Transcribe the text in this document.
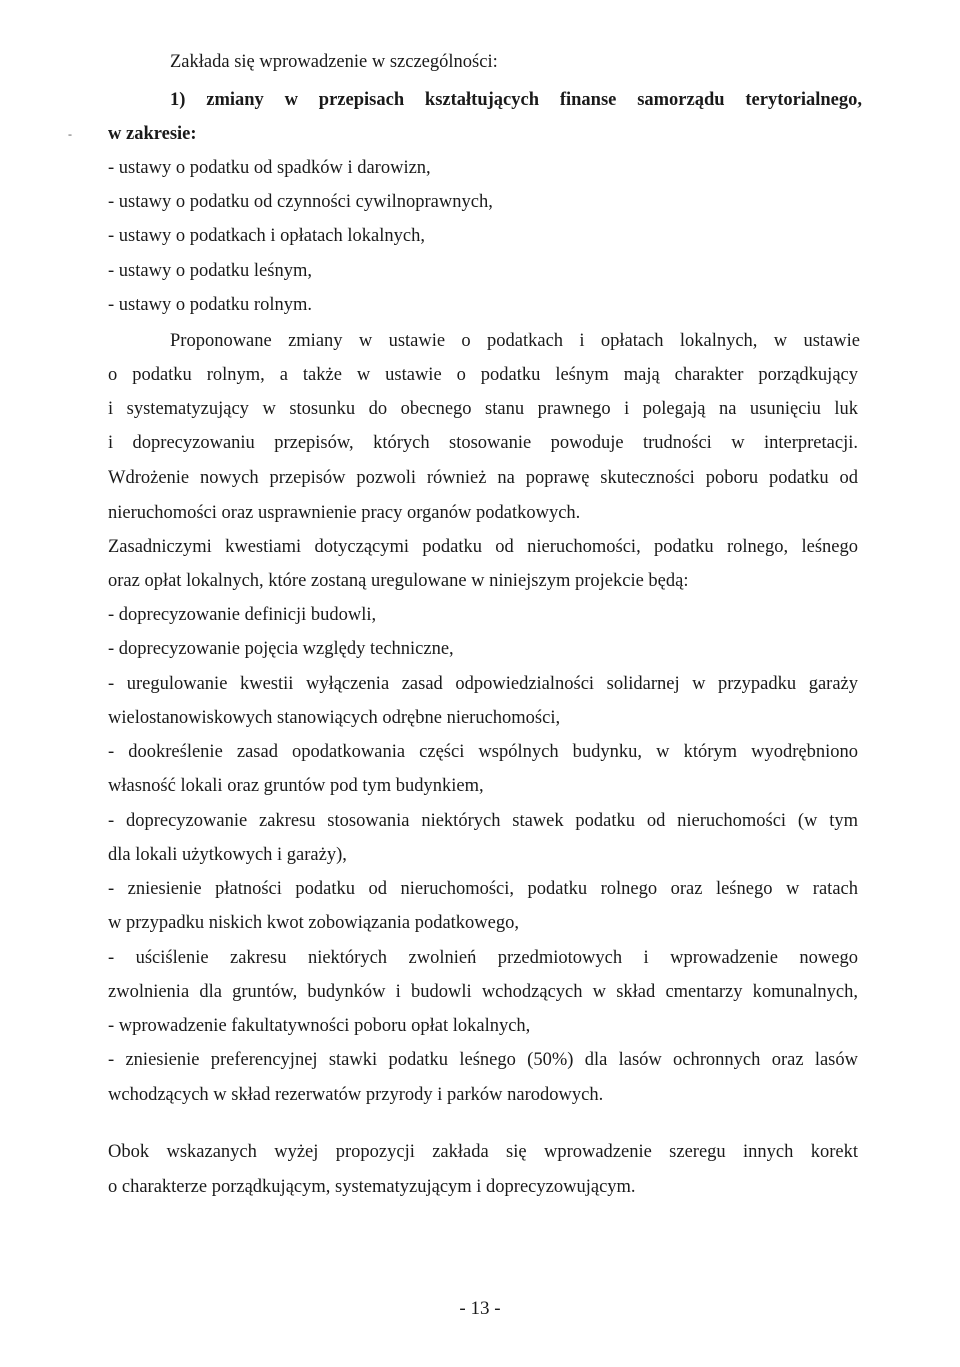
-
Zakłada się wprowadzenie w szczególności:
1) zmiany w przepisach kształtujących finanse samorządu terytorialnego,
w zakresie:
- ustawy o podatku od spadków i darowizn,
- ustawy o podatku od czynności cywilnoprawnych,
- ustawy o podatkach i opłatach lokalnych,
- ustawy o podatku leśnym,
- ustawy o podatku rolnym.
Proponowane zmiany w ustawie o podatkach i opłatach lokalnych, w ustawie
o podatku rolnym, a także w ustawie o podatku leśnym mają charakter porządkujący
i systematyzujący w stosunku do obecnego stanu prawnego i polegają na usunięciu luk
i doprecyzowaniu przepisów, których stosowanie powoduje trudności w interpretacji.
Wdrożenie nowych przepisów pozwoli również na poprawę skuteczności poboru podatku od
nieruchomości oraz usprawnienie pracy organów podatkowych.
Zasadniczymi kwestiami dotyczącymi podatku od nieruchomości, podatku rolnego, leśnego
oraz opłat lokalnych, które zostaną uregulowane w niniejszym projekcie będą:
- doprecyzowanie definicji budowli,
- doprecyzowanie pojęcia względy techniczne,
- uregulowanie kwestii wyłączenia zasad odpowiedzialności solidarnej w przypadku garaży
wielostanowiskowych stanowiących odrębne nieruchomości,
- dookreślenie zasad opodatkowania części wspólnych budynku, w którym wyodrębniono
własność lokali oraz gruntów pod tym budynkiem,
- doprecyzowanie zakresu stosowania niektórych stawek podatku od nieruchomości (w tym
dla lokali użytkowych i garaży),
- zniesienie płatności podatku od nieruchomości, podatku rolnego oraz leśnego w ratach
w przypadku niskich kwot zobowiązania podatkowego,
- uściślenie zakresu niektórych zwolnień przedmiotowych i wprowadzenie nowego
zwolnienia dla gruntów, budynków i budowli wchodzących w skład cmentarzy komunalnych,
- wprowadzenie fakultatywności poboru opłat lokalnych,
- zniesienie preferencyjnej stawki podatku leśnego (50%) dla lasów ochronnych oraz lasów
wchodzących w skład rezerwatów przyrody i parków narodowych.
Obok wskazanych wyżej propozycji zakłada się wprowadzenie szeregu innych korekt
o charakterze porządkującym, systematyzującym i doprecyzowującym.
- 13 -
